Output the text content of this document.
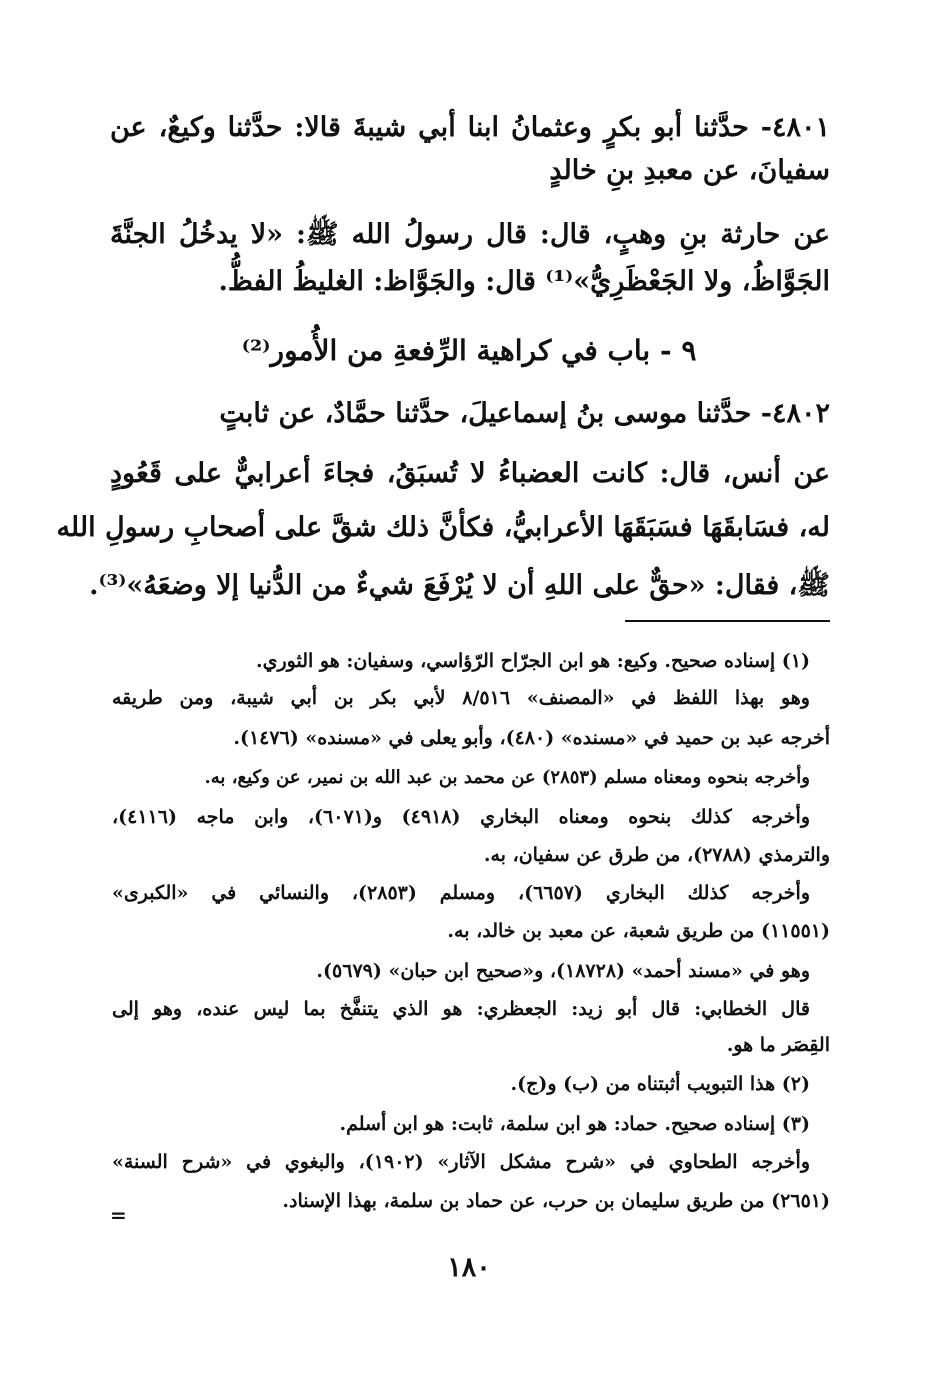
٤٨٠١- حدَّثنا أبو بكرٍ وعثمانُ ابنا أبي شيبةَ قالا: حدَّثنا وكيعٌ، عن
سفيانَ، عن معبدِ بنِ خالدٍ
عن حارثة بنِ وهبٍ، قال: قال رسولُ الله ﷺ: «لا يدخُلُ الجنَّةَ
الجَوَّاظُ، ولا الجَعْظَرِيُّ»⁽¹⁾ قال: والجَوَّاظ: الغليظُ الفظُّ.
٩ - باب في كراهية الرِّفعةِ من الأُمور⁽²⁾
٤٨٠٢- حدَّثنا موسى بنُ إسماعيلَ، حدَّثنا حمَّادٌ، عن ثابتٍ
عن أنس، قال: كانت العضباءُ لا تُسبَقُ، فجاءَ أعرابيٌّ على قَعُودٍ
له، فسَابقَهَا فسَبَقَهَا الأعرابيُّ، فكأنَّ ذلك شقَّ على أصحابِ رسولِ الله
ﷺ، فقال: «حقٌّ على اللهِ أن لا يُرْفَعَ شيءٌ من الدُّنيا إلا وضعَهُ»⁽³⁾.
(١) إسناده صحيح. وكيع: هو ابن الجرّاح الرّؤاسي، وسفيان: هو الثوري.
وهو بهذا اللفظ في «المصنف» ٨/٥١٦ لأبي بكر بن أبي شيبة، ومن طريقه
أخرجه عبد بن حميد في «مسنده» (٤٨٠)، وأبو يعلى في «مسنده» (١٤٧٦).
وأخرجه بنحوه ومعناه مسلم (٢٨٥٣) عن محمد بن عبد الله بن نمير، عن وكيع، به.
وأخرجه كذلك بنحوه ومعناه البخاري (٤٩١٨) و(٦٠٧١)، وابن ماجه (٤١١٦)،
والترمذي (٢٧٨٨)، من طرق عن سفيان، به.
وأخرجه كذلك البخاري (٦٦٥٧)، ومسلم (٢٨٥٣)، والنسائي في «الكبرى»
(١١٥٥١) من طريق شعبة، عن معبد بن خالد، به.
وهو في «مسند أحمد» (١٨٧٢٨)، و«صحيح ابن حبان» (٥٦٧٩).
قال الخطابي: قال أبو زيد: الجعظري: هو الذي يتنفَّخ بما ليس عنده، وهو إلى
القِصَر ما هو.
(٢) هذا التبويب أثبتناه من (ب) و(ج).
(٣) إسناده صحيح. حماد: هو ابن سلمة، ثابت: هو ابن أسلم.
وأخرجه الطحاوي في «شرح مشكل الآثار» (١٩٠٢)، والبغوي في «شرح السنة»
(٢٦٥١) من طريق سليمان بن حرب، عن حماد بن سلمة، بهذا الإسناد.
=
١٨٠
